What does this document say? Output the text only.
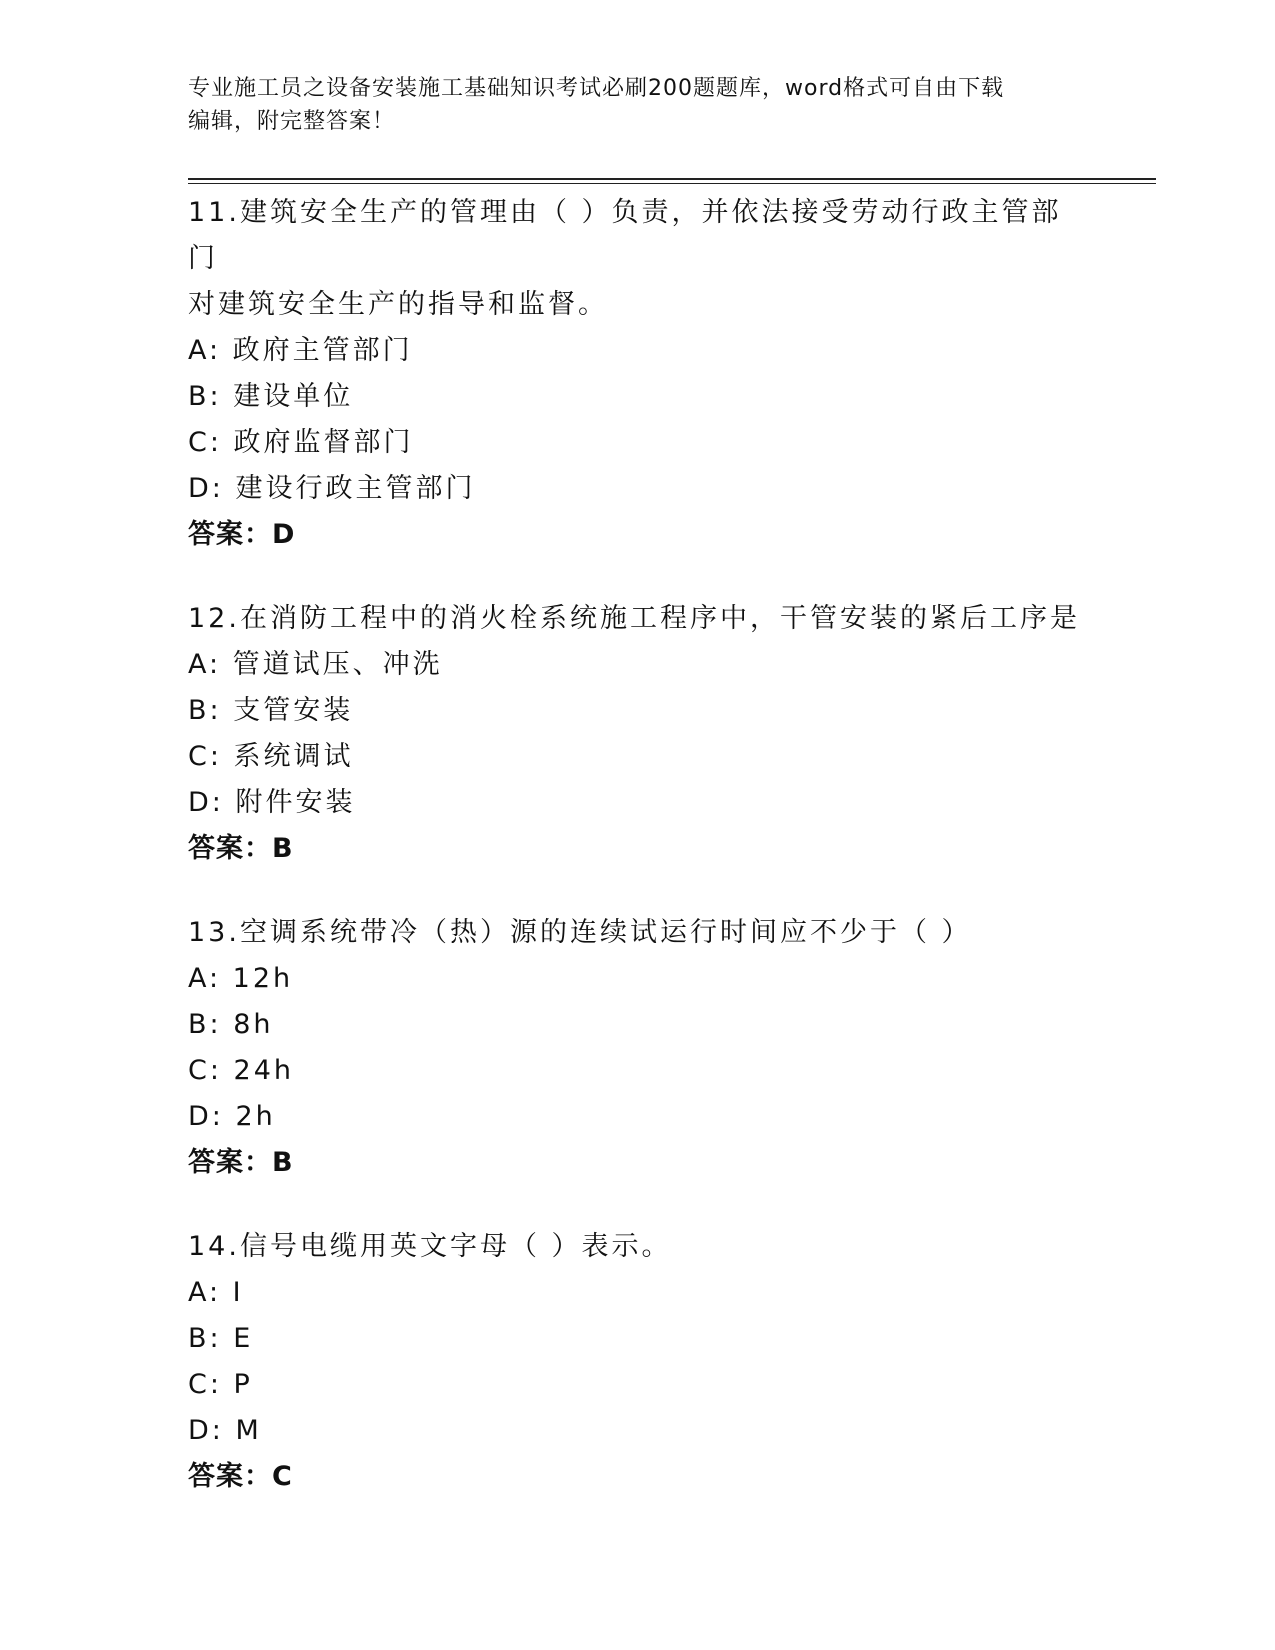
专业施工员之设备安装施工基础知识考试必刷200题题库，word格式可自由下载
编辑，附完整答案！
11.建筑安全生产的管理由（ ）负责，并依法接受劳动行政主管部门
对建筑安全生产的指导和监督。
A: 政府主管部门
B: 建设单位
C: 政府监督部门
D: 建设行政主管部门
答案：D
12.在消防工程中的消火栓系统施工程序中，干管安装的紧后工序是
A: 管道试压、冲洗
B: 支管安装
C: 系统调试
D: 附件安装
答案：B
13.空调系统带冷（热）源的连续试运行时间应不少于（ ）
A: 12h
B: 8h
C: 24h
D: 2h
答案：B
14.信号电缆用英文字母（ ）表示。
A: I
B: E
C: P
D: M
答案：C
